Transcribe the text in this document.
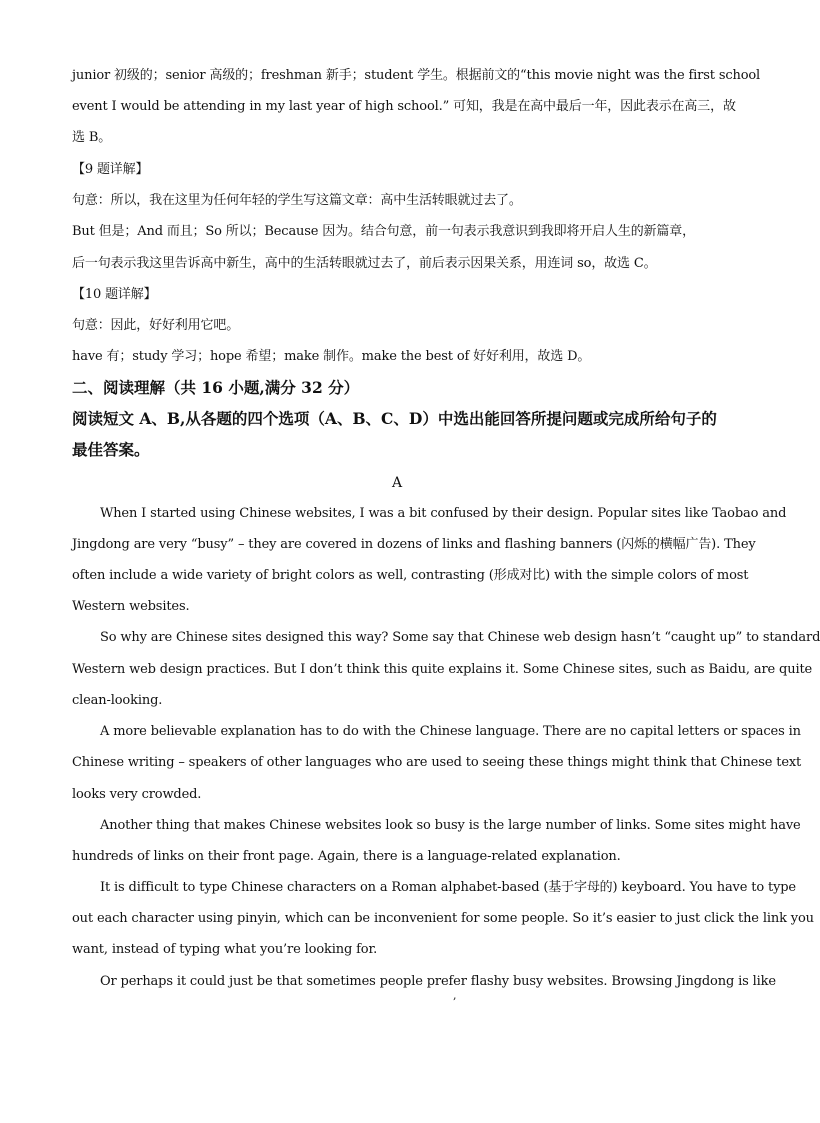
junior 初级的；senior 高级的；freshman 新手；student 学生。根据前文的“this movie night was the first school
event I would be attending in my last year of high school.” 可知，我是在高中最后一年，因此表示在高三，故
选 B。
【9 题详解】
句意：所以，我在这里为任何年轻的学生写这篇文章：高中生活转眼就过去了。
But 但是；And 而且；So 所以；Because 因为。结合句意，前一句表示我意识到我即将开启人生的新篇章，
后一句表示我这里告诉高中新生，高中的生活转眼就过去了，前后表示因果关系，用连词 so，故选 C。
【10 题详解】
句意：因此，好好利用它吧。
have 有；study 学习；hope 希望；make 制作。make the best of 好好利用，故选 D。
二、阅读理解（共 16 小题,满分 32 分）
阅读短文 A、B,从各题的四个选项（A、B、C、D）中选出能回答所提问题或完成所给句子的
最佳答案。
A
When I started using Chinese websites, I was a bit confused by their design. Popular sites like Taobao and
Jingdong are very “busy” – they are covered in dozens of links and flashing banners (闪烁的横幅广告). They
often include a wide variety of bright colors as well, contrasting (形成对比) with the simple colors of most
Western websites.
So why are Chinese sites designed this way? Some say that Chinese web design hasn’t “caught up” to standard
Western web design practices. But I don’t think this quite explains it. Some Chinese sites, such as Baidu, are quite
clean-looking.
A more believable explanation has to do with the Chinese language. There are no capital letters or spaces in
Chinese writing – speakers of other languages who are used to seeing these things might think that Chinese text
looks very crowded.
Another thing that makes Chinese websites look so busy is the large number of links. Some sites might have
hundreds of links on their front page. Again, there is a language-related explanation.
It is difficult to type Chinese characters on a Roman alphabet-based (基于字母的) keyboard. You have to type
out each character using pinyin, which can be inconvenient for some people. So it’s easier to just click the link you
want, instead of typing what you’re looking for.
Or perhaps it could just be that sometimes people prefer flashy busy websites. Browsing Jingdong is like
,
